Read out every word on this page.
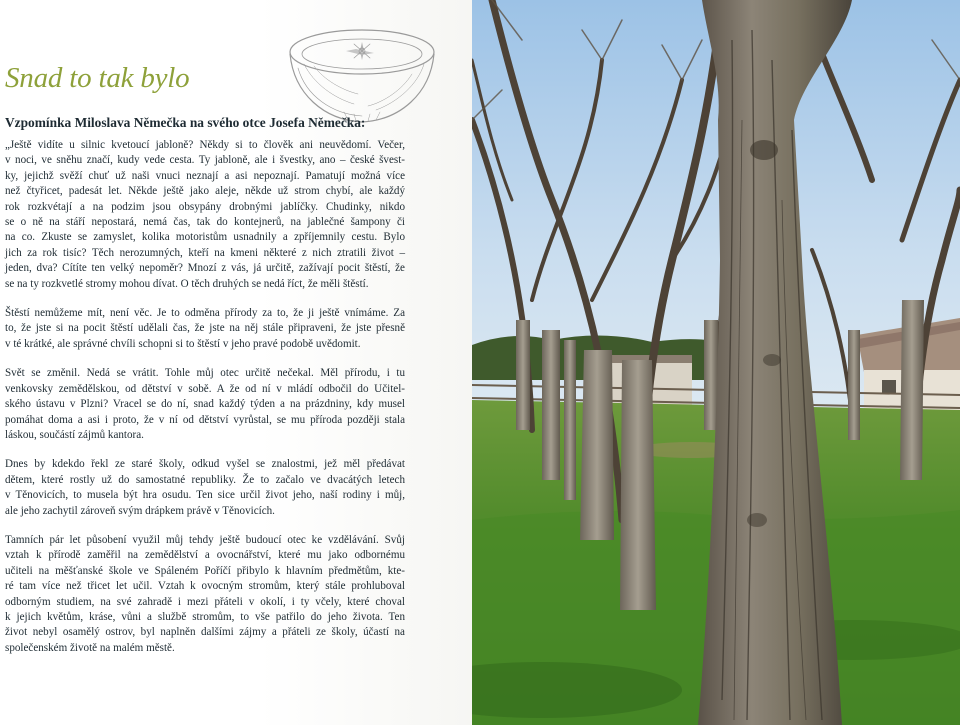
Snad to tak bylo
Vzpomínka Miloslava Němečka na svého otce Josefa Němečka:

„Ještě vidíte u silnic kvetoucí jabloně? Někdy si to člověk ani neuvědomí. Večer,
v noci, ve sněhu značí, kudy vede cesta. Ty jabloně, ale i švestky, ano – české švest-
ky, jejichž svěží chuť už naši vnuci neznají a asi nepoznají. Pamatují možná více
než čtyřicet, padesát let. Někde ještě jako aleje, někde už strom chybí, ale každý
rok rozkvétají a na podzim jsou obsypány drobnými jablíčky. Chudinky, nikdo
se o ně na stáří nepostará, nemá čas, tak do kontejnerů, na jablečné šampony či
na co. Zkuste se zamyslet, kolika motoristům usnadnily a zpříjemnily cestu. Bylo
jich za rok tisíc? Těch nerozumných, kteří na kmeni některé z nich ztratili život –
jeden, dva? Cítíte ten velký nepoměr? Mnozí z vás, já určitě, zažívají pocit štěstí, že
se na ty rozkvetlé stromy mohou dívat. O těch druhých se nedá říct, že měli štěstí.

Štěstí nemůžeme mít, není věc. Je to odměna přírody za to, že ji ještě vnímáme. Za
to, že jste si na pocit štěstí udělali čas, že jste na něj stále připraveni, že jste přesně
v té krátké, ale správné chvíli schopni si to štěstí v jeho pravé podobě uvědomit.

Svět se změnil. Nedá se vrátit. Tohle můj otec určitě nečekal. Měl přírodu, i tu
venkovsky zemědělskou, od dětství v sobě. A že od ní v mládí odbočil do Učitel-
ského ústavu v Plzni? Vracel se do ní, snad každý týden a na prázdniny, kdy musel
pomáhat doma a asi i proto, že v ní od dětství vyrůstal, se mu příroda později stala
láskou, součástí zájmů kantora.

Dnes by kdekdo řekl ze staré školy, odkud vyšel se znalostmi, jež měl předávat
dětem, které rostly už do samostatné republiky. Že to začalo ve dvacátých letech
v Těnovicích, to musela být hra osudu. Ten sice určil život jeho, naší rodiny i můj,
ale jeho zachytil zároveň svým drápkem právě v Těnovicích.

Tamních pár let působení využil můj tehdy ještě budoucí otec ke vzdělávání. Svůj
vztah k přírodě zaměřil na zemědělství a ovocnářství, které mu jako odbornému
učiteli na měšťanské škole ve Spáleném Poříčí přibylo k hlavním předmětům, kte-
ré tam více než třicet let učil. Vztah k ovocným stromům, který stále prohluboval
odborným studiem, na své zahradě i mezi přáteli v okolí, i ty včely, které choval
k jejich květům, kráse, vůni a službě stromům, to vše patřilo do jeho života. Ten
život nebyl osamělý ostrov, byl naplněn dalšími zájmy a přáteli ze školy, účastí na
společenském životě na malém městě.
